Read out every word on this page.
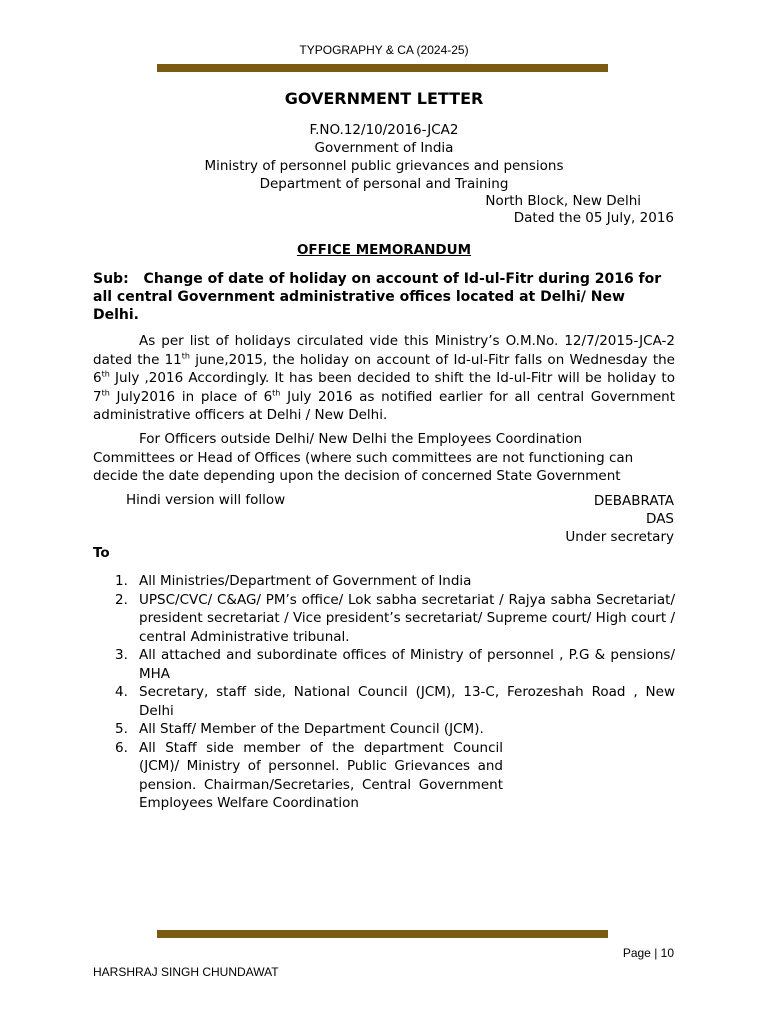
TYPOGRAPHY & CA (2024-25)
GOVERNMENT LETTER
F.NO.12/10/2016-JCA2
Government of India
Ministry of personnel public grievances and pensions
Department of personal and Training
North Block, New Delhi
Dated the 05 July, 2016
OFFICE MEMORANDUM
Sub: Change of date of holiday on account of Id-ul-Fitr during 2016 for all central Government administrative offices located at Delhi/ New Delhi.
As per list of holidays circulated vide this Ministry’s O.M.No. 12/7/2015-JCA-2 dated the 11th june,2015, the holiday on account of Id-ul-Fitr falls on Wednesday the 6th July ,2016 Accordingly. It has been decided to shift the Id-ul-Fitr will be holiday to 7th July2016 in place of 6th July 2016 as notified earlier for all central Government administrative officers at Delhi / New Delhi.
For Officers outside Delhi/ New Delhi the Employees Coordination Committees or Head of Offices (where such committees are not functioning can decide the date depending upon the decision of concerned State Government
Hindi version will follow	DEBABRATA
DAS
Under secretary
To
1. All Ministries/Department of Government of India
2. UPSC/CVC/ C&AG/ PM’s office/ Lok sabha secretariat / Rajya sabha Secretariat/ president secretariat / Vice president’s secretariat/ Supreme court/ High court / central Administrative tribunal.
3. All attached and subordinate offices of Ministry of personnel , P.G & pensions/ MHA
4. Secretary, staff side, National Council (JCM), 13-C, Ferozeshah Road , New Delhi
5. All Staff/ Member of the Department Council (JCM).
6. All Staff side member of the department Council (JCM)/ Ministry of personnel. Public Grievances and pension. Chairman/Secretaries, Central Government Employees Welfare Coordination
Page | 10
HARSHRAJ SINGH CHUNDAWAT
